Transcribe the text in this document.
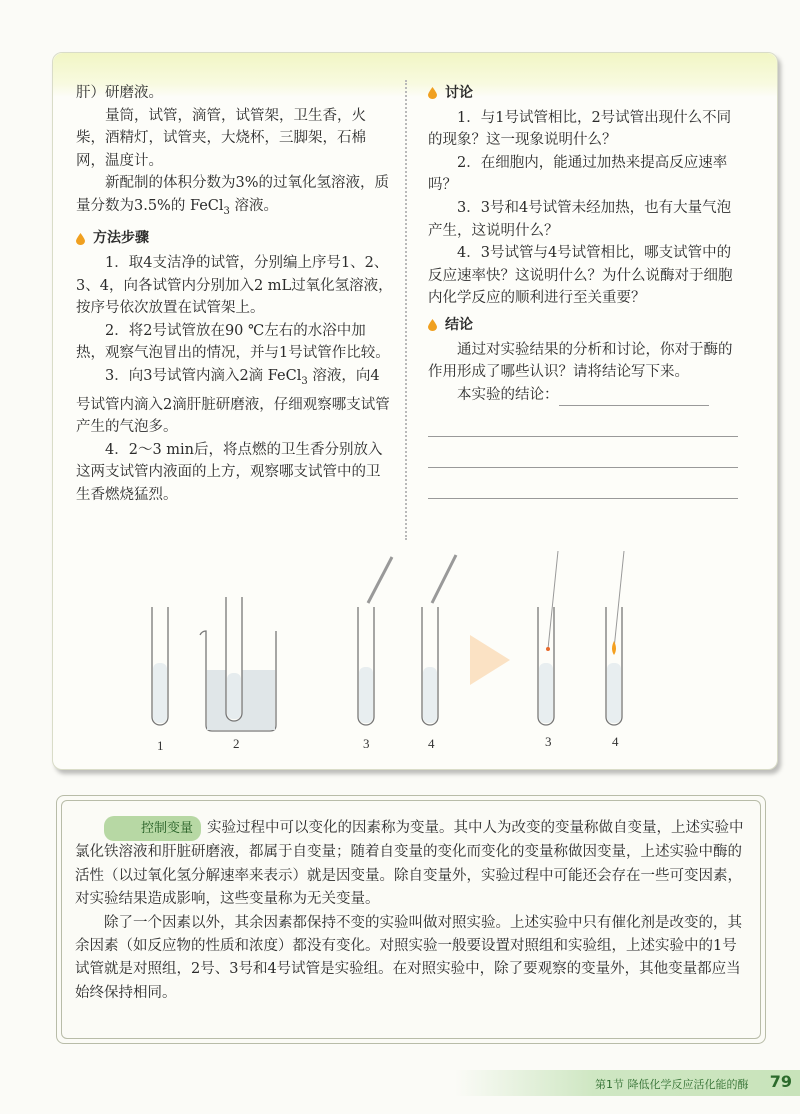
肝）研磨液。

量筒，试管，滴管，试管架，卫生香，火柴，酒精灯，试管夹，大烧杯，三脚架，石棉网，温度计。

新配制的体积分数为3%的过氧化氢溶液，质量分数为3.5%的 FeCl$_3$ 溶液。

方法步骤

1．取4支洁净的试管，分别编上序号1、2、3、4，向各试管内分别加入2 mL过氧化氢溶液，按序号依次放置在试管架上。

2．将2号试管放在90 ℃左右的水浴中加热，观察气泡冒出的情况，并与1号试管作比较。

3．向3号试管内滴入2滴 FeCl$_3$ 溶液，向4号试管内滴入2滴肝脏研磨液，仔细观察哪支试管产生的气泡多。

4．2～3 min后，将点燃的卫生香分别放入这两支试管内液面的上方，观察哪支试管中的卫生香燃烧猛烈。

讨论

1．与1号试管相比，2号试管出现什么不同的现象？这一现象说明什么？

2．在细胞内，能通过加热来提高反应速率吗？

3．3号和4号试管未经加热，也有大量气泡产生，这说明什么？

4．3号试管与4号试管相比，哪支试管中的反应速率快？这说明什么？为什么说酶对于细胞内化学反应的顺利进行至关重要？

结论

通过对实验结果的分析和讨论，你对于酶的作用形成了哪些认识？请将结论写下来。

本实验的结论：

1	2	3	4	3	4

控制变量 实验过程中可以变化的因素称为变量。其中人为改变的变量称做自变量，上述实验中氯化铁溶液和肝脏研磨液，都属于自变量；随着自变量的变化而变化的变量称做因变量，上述实验中酶的活性（以过氧化氢分解速率来表示）就是因变量。除自变量外，实验过程中可能还会存在一些可变因素，对实验结果造成影响，这些变量称为无关变量。

除了一个因素以外，其余因素都保持不变的实验叫做对照实验。上述实验中只有催化剂是改变的，其余因素（如反应物的性质和浓度）都没有变化。对照实验一般要设置对照组和实验组，上述实验中的1号试管就是对照组，2号、3号和4号试管是实验组。在对照实验中，除了要观察的变量外，其他变量都应当始终保持相同。

第1节 降低化学反应活化能的酶 79
